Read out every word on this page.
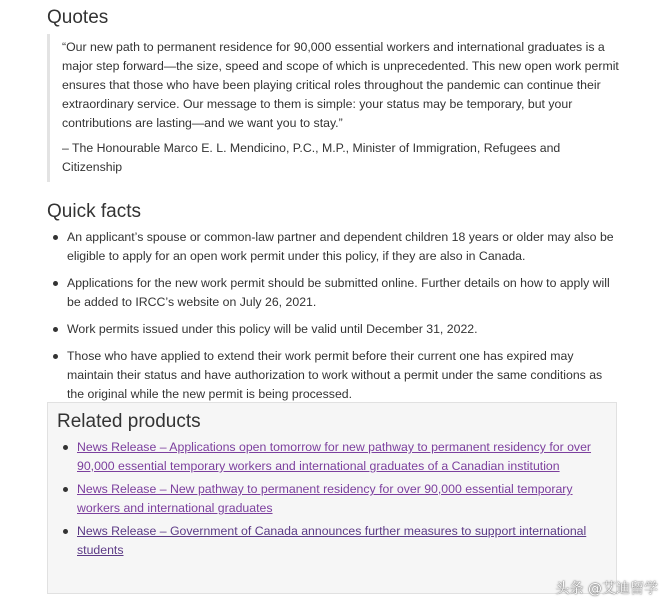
Quotes

“Our new path to permanent residence for 90,000 essential workers and international graduates is a major step forward—the size, speed and scope of which is unprecedented. This new open work permit ensures that those who have been playing critical roles throughout the pandemic can continue their extraordinary service. Our message to them is simple: your status may be temporary, but your contributions are lasting—and we want you to stay.”

– The Honourable Marco E. L. Mendicino, P.C., M.P., Minister of Immigration, Refugees and Citizenship

Quick facts
An applicant’s spouse or common-law partner and dependent children 18 years or older may also be eligible to apply for an open work permit under this policy, if they are also in Canada.
Applications for the new work permit should be submitted online. Further details on how to apply will be added to IRCC’s website on July 26, 2021.
Work permits issued under this policy will be valid until December 31, 2022.
Those who have applied to extend their work permit before their current one has expired may maintain their status and have authorization to work without a permit under the same conditions as the original while the new permit is being processed.
Related products
News Release – Applications open tomorrow for new pathway to permanent residency for over 90,000 essential temporary workers and international graduates of a Canadian institution
News Release – New pathway to permanent residency for over 90,000 essential temporary workers and international graduates
News Release – Government of Canada announces further measures to support international students
头条 @艾迪留学
